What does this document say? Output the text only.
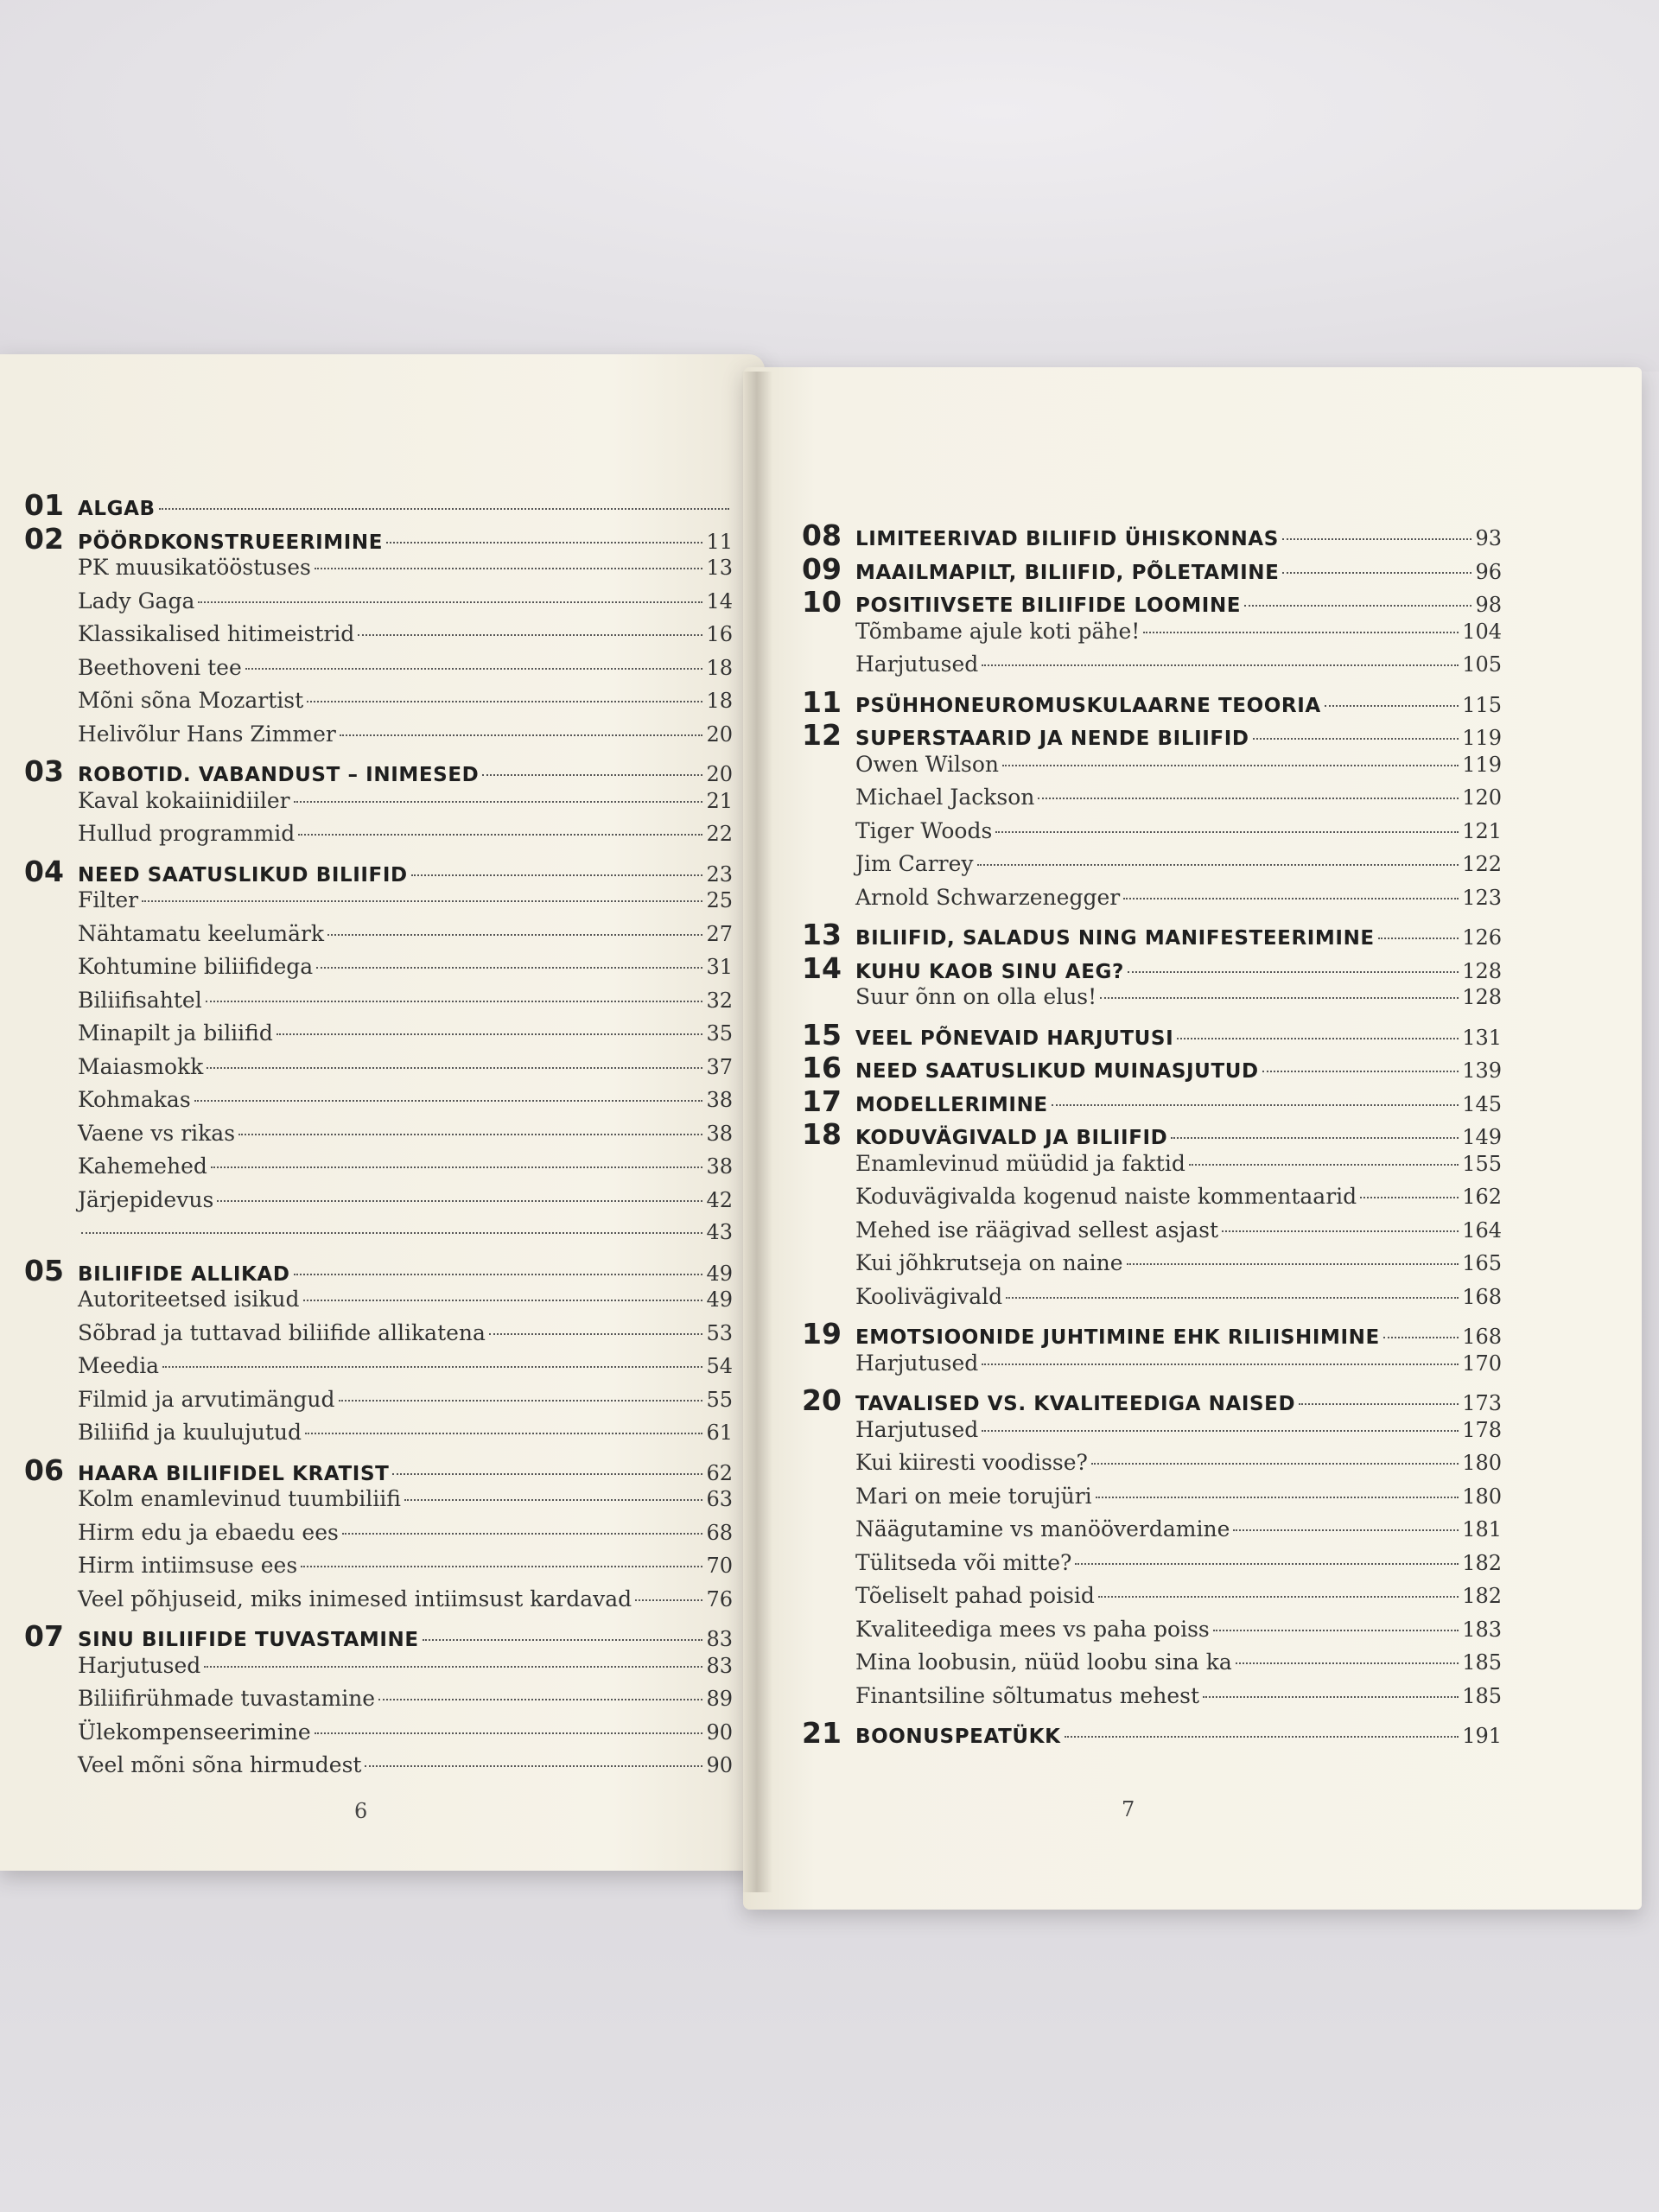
01 ALGAB
02 PÖÖRDKONSTRUEERIMINE	11
PK muusikatööstuses	13
Lady Gaga	14
Klassikalised hitimeistrid	16
Beethoveni tee	18
Mõni sõna Mozartist	18
Helivõlur Hans Zimmer	20
03 ROBOTID. VABANDUST – INIMESED	20
Kaval kokaiinidiiler	21
Hullud programmid	22
04 NEED SAATUSLIKUD BILIIFID	23
Filter	25
Nähtamatu keelumärk	27
Kohtumine biliifidega	31
Biliifisahtel	32
Minapilt ja biliifid	35
Maiasmokk	37
Kohmakas	38
Vaene vs rikas	38
Kahemehed	38
Järjepidevus	42
43
05 BILIIFIDE ALLIKAD	49
Autoriteetsed isikud	49
Sõbrad ja tuttavad biliifide allikatena	53
Meedia	54
Filmid ja arvutimängud	55
Biliifid ja kuulujutud	61
06 HAARA BILIIFIDEL KRATIST	62
Kolm enamlevinud tuumbiliifi	63
Hirm edu ja ebaedu ees	68
Hirm intiimsuse ees	70
Veel põhjuseid, miks inimesed intiimsust kardavad	76
07 SINU BILIIFIDE TUVASTAMINE	83
Harjutused	83
Biliifirühmade tuvastamine	89
Ülekompenseerimine	90
Veel mõni sõna hirmudest	90
08 LIMITEERIVAD BILIIFID ÜHISKONNAS	93
09 MAAILMAPILT, BILIIFID, PÕLETAMINE	96
10 POSITIIVSETE BILIIFIDE LOOMINE	98
Tõmbame ajule koti pähe!	104
Harjutused	105
11 PSÜHHONEUROMUSKULAARNE TEOORIA	115
12 SUPERSTAARID JA NENDE BILIIFID	119
Owen Wilson	119
Michael Jackson	120
Tiger Woods	121
Jim Carrey	122
Arnold Schwarzenegger	123
13 BILIIFID, SALADUS NING MANIFESTEERIMINE	126
14 KUHU KAOB SINU AEG?	128
Suur õnn on olla elus!	128
15 VEEL PÕNEVAID HARJUTUSI	131
16 NEED SAATUSLIKUD MUINASJUTUD	139
17 MODELLERIMINE	145
18 KODUVÄGIVALD JA BILIIFID	149
Enamlevinud müüdid ja faktid	155
Koduvägivalda kogenud naiste kommentaarid	162
Mehed ise räägivad sellest asjast	164
Kui jõhkrutseja on naine	165
Koolivägivald	168
19 EMOTSIOONIDE JUHTIMINE EHK RILIISHIMINE	168
Harjutused	170
20 TAVALISED VS. KVALITEEDIGA NAISED	173
Harjutused	178
Kui kiiresti voodisse?	180
Mari on meie torujüri	180
Näägutamine vs manööverdamine	181
Tülitseda või mitte?	182
Tõeliselt pahad poisid	182
Kvaliteediga mees vs paha poiss	183
Mina loobusin, nüüd loobu sina ka	185
Finantsiline sõltumatus mehest	185
21 BOONUSPEATÜKK	191
6	7
